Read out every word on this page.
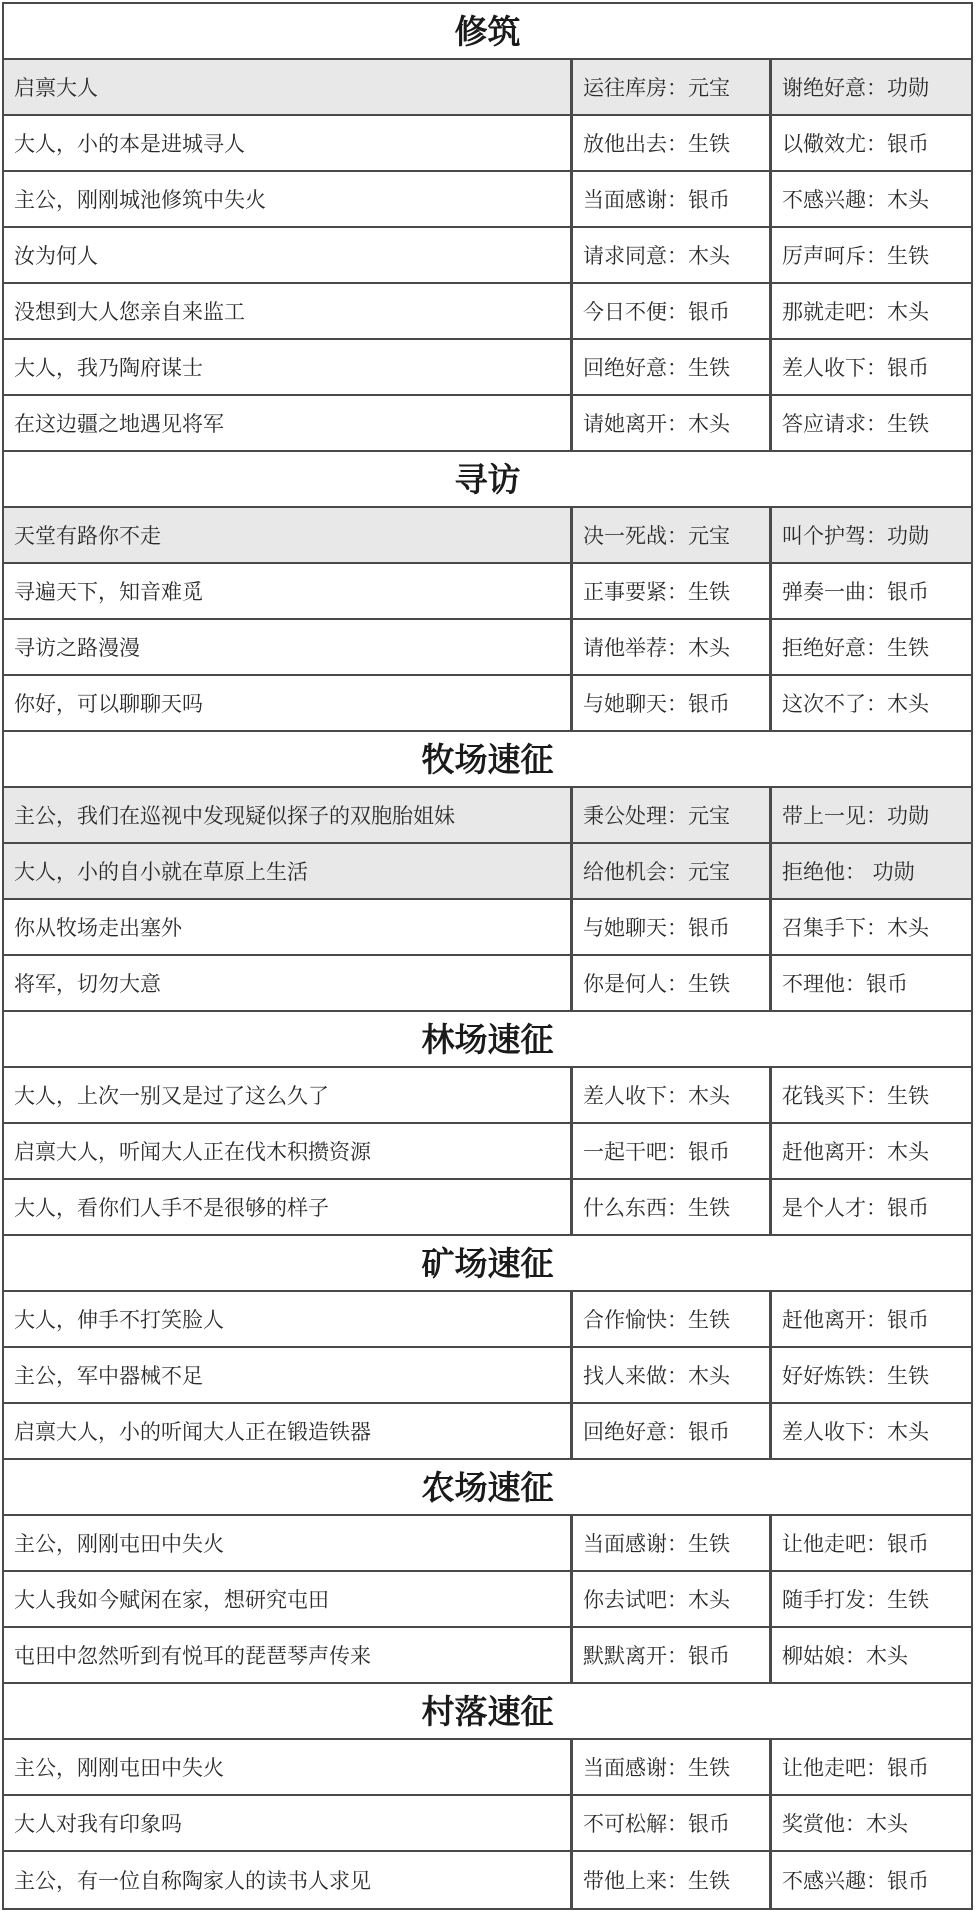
修筑
启禀大人	运往库房：元宝	谢绝好意：功勋
大人，小的本是进城寻人	放他出去：生铁	以儆效尤：银币
主公，刚刚城池修筑中失火	当面感谢：银币	不感兴趣：木头
汝为何人	请求同意：木头	厉声呵斥：生铁
没想到大人您亲自来监工	今日不便：银币	那就走吧：木头
大人，我乃陶府谋士	回绝好意：生铁	差人收下：银币
在这边疆之地遇见将军	请她离开：木头	答应请求：生铁
寻访
天堂有路你不走	决一死战：元宝	叫个护驾：功勋
寻遍天下，知音难觅	正事要紧：生铁	弹奏一曲：银币
寻访之路漫漫	请他举荐：木头	拒绝好意：生铁
你好，可以聊聊天吗	与她聊天：银币	这次不了：木头
牧场速征
主公，我们在巡视中发现疑似探子的双胞胎姐妹	秉公处理：元宝	带上一见：功勋
大人，小的自小就在草原上生活	给他机会：元宝	拒绝他： 功勋
你从牧场走出塞外	与她聊天：银币	召集手下：木头
将军，切勿大意	你是何人：生铁	不理他：银币
林场速征
大人，上次一别又是过了这么久了	差人收下：木头	花钱买下：生铁
启禀大人，听闻大人正在伐木积攒资源	一起干吧：银币	赶他离开：木头
大人，看你们人手不是很够的样子	什么东西：生铁	是个人才：银币
矿场速征
大人，伸手不打笑脸人	合作愉快：生铁	赶他离开：银币
主公，军中器械不足	找人来做：木头	好好炼铁：生铁
启禀大人，小的听闻大人正在锻造铁器	回绝好意：银币	差人收下：木头
农场速征
主公，刚刚屯田中失火	当面感谢：生铁	让他走吧：银币
大人我如今赋闲在家，想研究屯田	你去试吧：木头	随手打发：生铁
屯田中忽然听到有悦耳的琵琶琴声传来	默默离开：银币	柳姑娘：木头
村落速征
主公，刚刚屯田中失火	当面感谢：生铁	让他走吧：银币
大人对我有印象吗	不可松解：银币	奖赏他：木头
主公，有一位自称陶家人的读书人求见	带他上来：生铁	不感兴趣：银币
